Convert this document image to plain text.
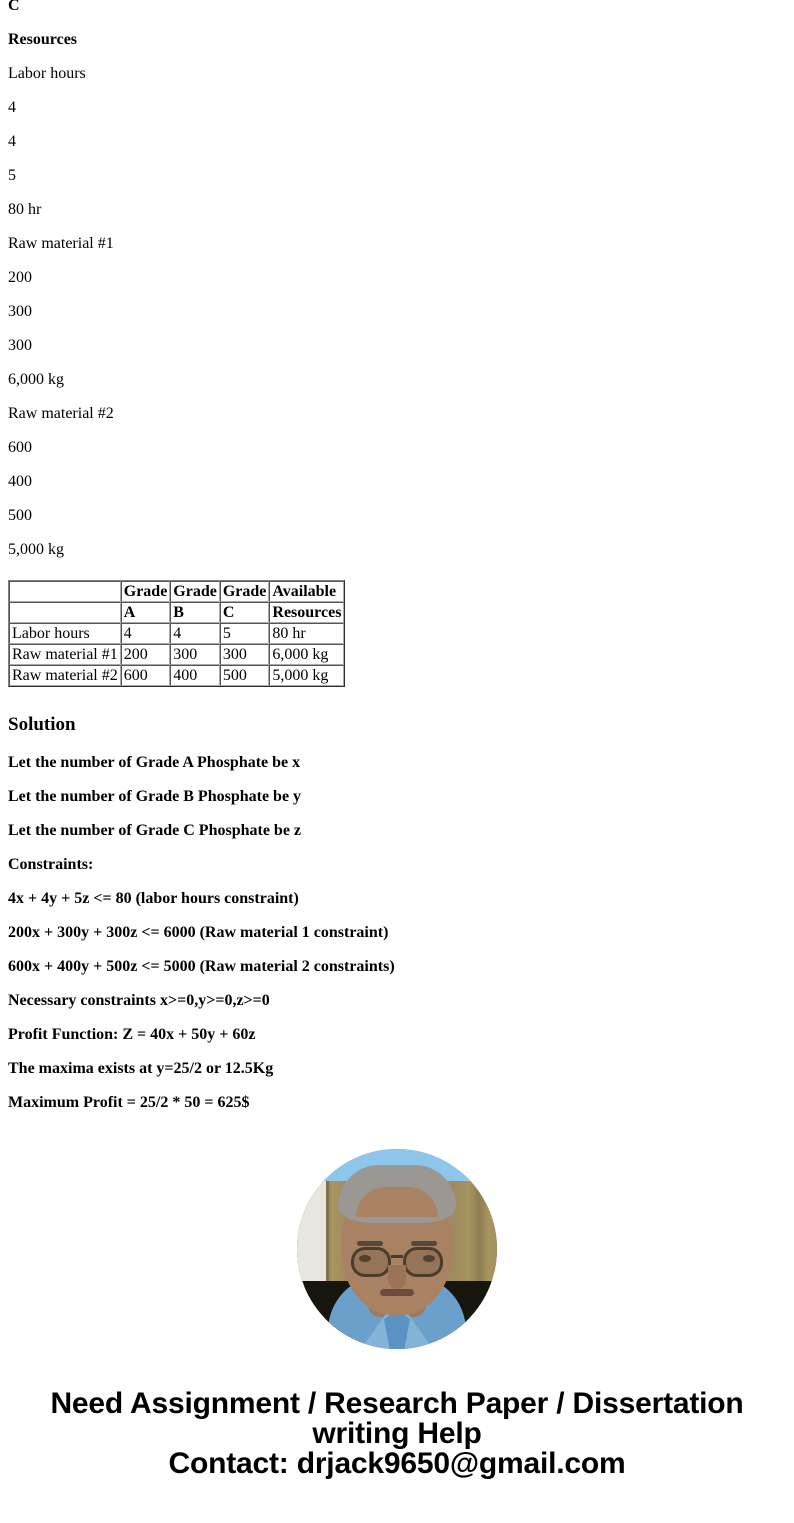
C
Resources
Labor hours
4
4
5
80 hr
Raw material #1
200
300
300
6,000 kg
Raw material #2
600
400
500
5,000 kg
	Grade	Grade	Grade	Available
	A	B	C	Resources
Labor hours	4	4	5	80 hr
Raw material #1	200	300	300	6,000 kg
Raw material #2	600	400	500	5,000 kg
Solution
Let the number of Grade A Phosphate be x
Let the number of Grade B Phosphate be y
Let the number of Grade C Phosphate be z
Constraints:
4x + 4y + 5z <= 80 (labor hours constraint)
200x + 300y + 300z <= 6000 (Raw material 1 constraint)
600x + 400y + 500z <= 5000 (Raw material 2 constraints)
Necessary constraints x>=0,y>=0,z>=0
Profit Function: Z = 40x + 50y + 60z
The maxima exists at y=25/2 or 12.5Kg
Maximum Profit = 25/2 * 50 = 625$
Need Assignment / Research Paper / Dissertation
writing Help
Contact: drjack9650@gmail.com
